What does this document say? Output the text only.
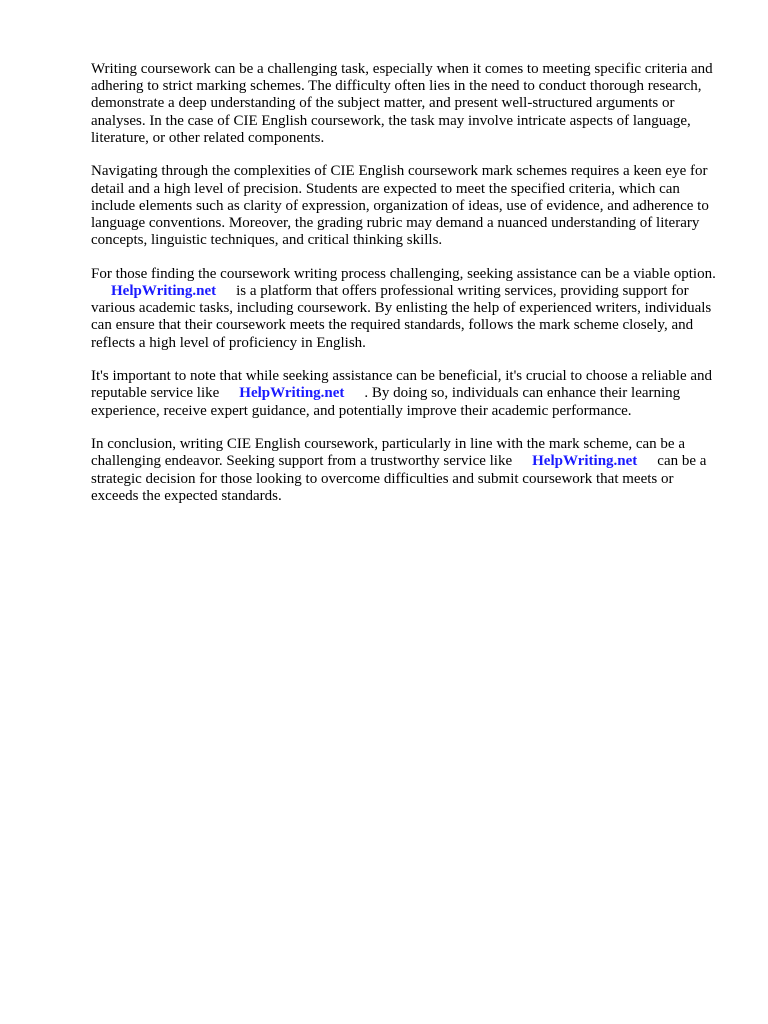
Writing coursework can be a challenging task, especially when it comes to meeting specific criteria and adhering to strict marking schemes. The difficulty often lies in the need to conduct thorough research, demonstrate a deep understanding of the subject matter, and present well-structured arguments or analyses. In the case of CIE English coursework, the task may involve intricate aspects of language, literature, or other related components.

Navigating through the complexities of CIE English coursework mark schemes requires a keen eye for detail and a high level of precision. Students are expected to meet the specified criteria, which can include elements such as clarity of expression, organization of ideas, use of evidence, and adherence to language conventions. Moreover, the grading rubric may demand a nuanced understanding of literary concepts, linguistic techniques, and critical thinking skills.

For those finding the coursework writing process challenging, seeking assistance can be a viable option.HelpWriting.net is a platform that offers professional writing services, providing support for various academic tasks, including coursework. By enlisting the help of experienced writers, individuals can ensure that their coursework meets the required standards, follows the mark scheme closely, and reflects a high level of proficiency in English.

It's important to note that while seeking assistance can be beneficial, it's crucial to choose a reliable and reputable service like HelpWriting.net . By doing so, individuals can enhance their learning experience, receive expert guidance, and potentially improve their academic performance.

In conclusion, writing CIE English coursework, particularly in line with the mark scheme, can be a challenging endeavor. Seeking support from a trustworthy service like HelpWriting.net can be a strategic decision for those looking to overcome difficulties and submit coursework that meets or exceeds the expected standards.
